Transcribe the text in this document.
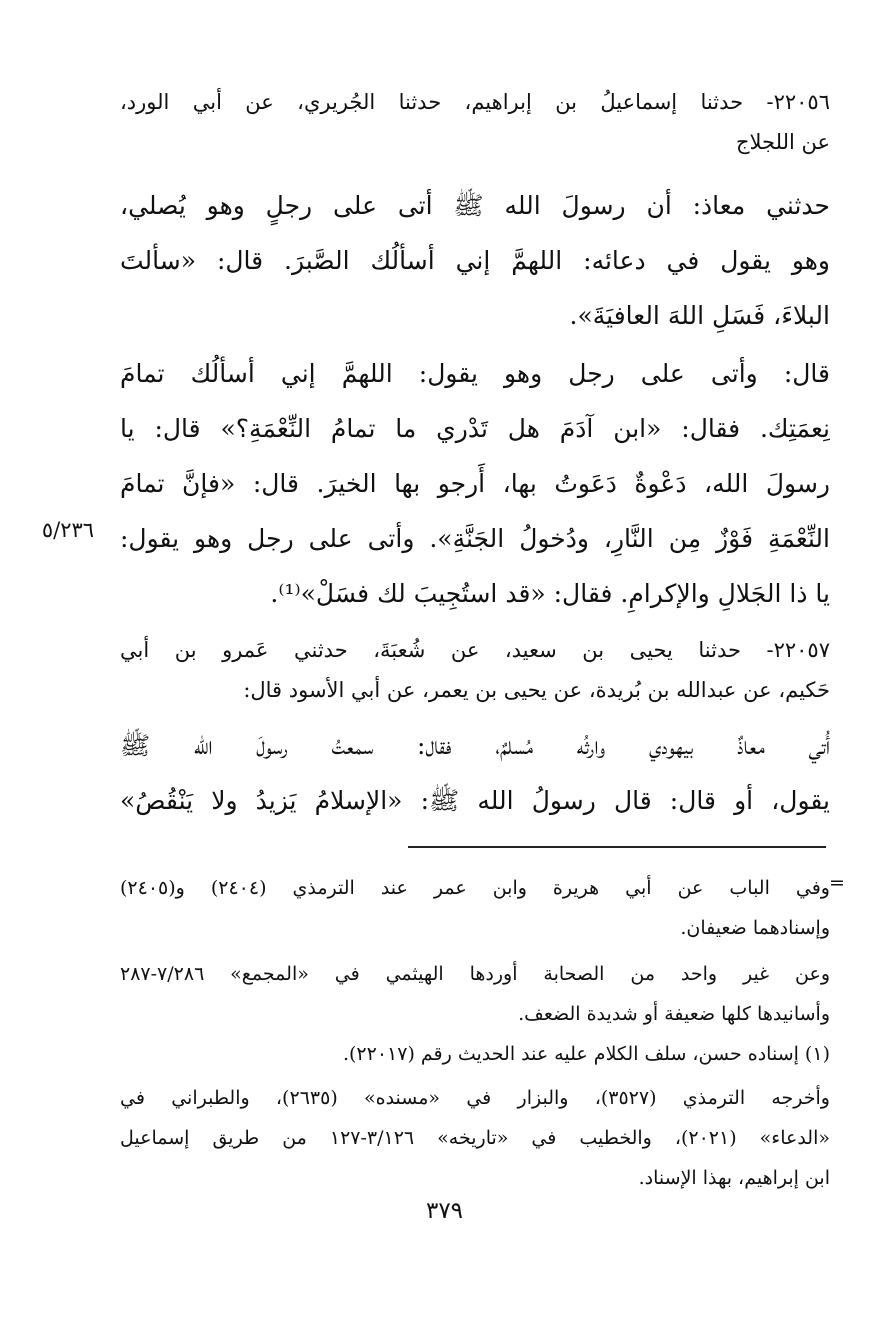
٢٢٠٥٦- حدثنا إسماعيلُ بن إبراهيم، حدثنا الجُريري، عن أبي الورد،
عن اللجلاج
حدثني معاذ: أن رسولَ الله ﷺ أتى على رجلٍ وهو يُصلي،
وهو يقول في دعائه: اللهمَّ إني أسألُك الصَّبرَ. قال: «سألتَ
البلاءَ، فَسَلِ اللهَ العافيَةَ».
قال: وأتى على رجل وهو يقول: اللهمَّ إني أسألُك تمامَ
نِعمَتِك. فقال: «ابن آدَمَ هل تَدْري ما تمامُ النِّعْمَةِ؟» قال: يا
رسولَ الله، دَعْوةٌ دَعَوتُ بها، أَرجو بها الخيرَ. قال: «فإنَّ تمامَ
النِّعْمَةِ فَوْزٌ مِن النَّارِ، ودُخولُ الجَنَّةِ». وأتى على رجل وهو يقول:
يا ذا الجَلالِ والإكرامِ. فقال: «قد استُجِيبَ لك فسَلْ»⁽¹⁾.
٥/٢٣٦
٢٢٠٥٧- حدثنا يحيى بن سعيد، عن شُعبَةَ، حدثني عَمرو بن أبي
حَكيم، عن عبدالله بن بُريدة، عن يحيى بن يعمر، عن أبي الأسود قال:
أُتي معاذٌ بيهودي وارثُه مُسلمٌ، فقال: سمعتُ رسولَ الله ﷺ
يقول، أو قال: قال رسولُ الله ﷺ: «الإسلامُ يَزيدُ ولا يَنْقُصُ»
=
وفي الباب عن أبي هريرة وابن عمر عند الترمذي (٢٤٠٤) و(٢٤٠٥)
وإسنادهما ضعيفان.
وعن غير واحد من الصحابة أوردها الهيثمي في «المجمع» ٧/٢٨٦-٢٨٧
وأسانيدها كلها ضعيفة أو شديدة الضعف.
(١) إسناده حسن، سلف الكلام عليه عند الحديث رقم (٢٢٠١٧).
وأخرجه الترمذي (٣٥٢٧)، والبزار في «مسنده» (٢٦٣٥)، والطبراني في
«الدعاء» (٢٠٢١)، والخطيب في «تاريخه» ٣/١٢٦-١٢٧ من طريق إسماعيل
ابن إبراهيم، بهذا الإسناد.
٣٧٩
